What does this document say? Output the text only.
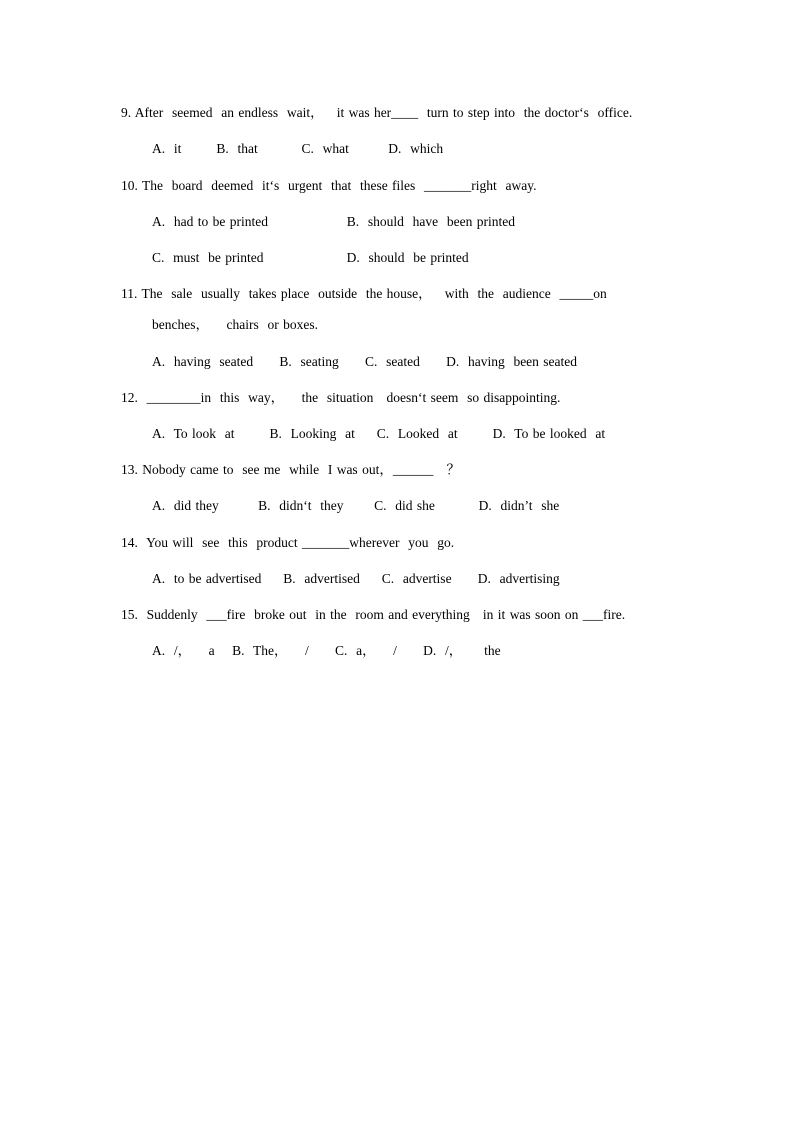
9. After  seemed  an endless  wait，   it was her____  turn to step into  the doctor‘s  office.
A.  it        B.  that          C.  what         D.  which
10. The  board  deemed  it‘s  urgent  that  these files  _______right  away.
A.  had to be printed                  B.  should  have  been printed
C.  must  be printed                   D.  should  be printed
11. The  sale  usually  takes place  outside  the house，   with  the  audience  _____on
benches，    chairs  or boxes.
A.  having  seated      B.  seating      C.  seated      D.  having  been seated
12.  ________in  this  way，    the  situation   doesn‘t seem  so disappointing.
A.  To look  at        B.  Looking  at     C.  Looked  at        D.  To be looked  at
13. Nobody came to  see me  while  I was out，______   ？
A.  did they         B.  didn‘t  they       C.  did she          D.  didn’t  she
14.  You will  see  this  product _______wherever  you  go.
A.  to be advertised     B.  advertised     C.  advertise      D.  advertising
15.  Suddenly  ___fire  broke out  in the  room and everything   in it was soon on ___fire.
A.  /，    a    B.  The，    /      C.  a，    /      D.  /，     the
